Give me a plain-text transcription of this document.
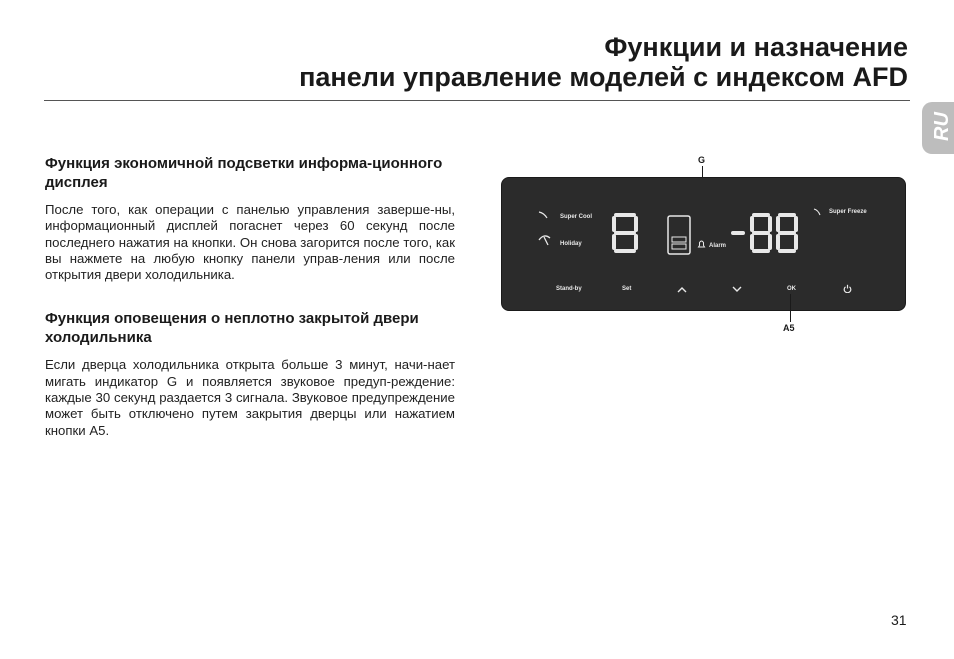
Функции и назначение
панели управление моделей с индексом AFD
RU
Функция экономичной подсветки информа-ционного дисплея
После того, как операции с панелью управления заверше-ны, информационный дисплей погаснет через 60 секунд после последнего нажатия на кнопки. Он снова загорится после того, как вы нажмете на любую кнопку панели управ-ления или после открытия двери холодильника.
Функция оповещения о неплотно закрытой двери холодильника
Если дверца холодильника открыта больше 3 минут, начи-нает мигать индикатор G и появляется звуковое предуп-реждение: каждые 30 секунд раздается 3 сигнала. Звуковое предупреждение может быть отключено путем закрытия дверцы или нажатием кнопки A5.
G
Super Cool
Holiday	Alarm
Super Freeze
Stand-by	Set	OK
A5
31
